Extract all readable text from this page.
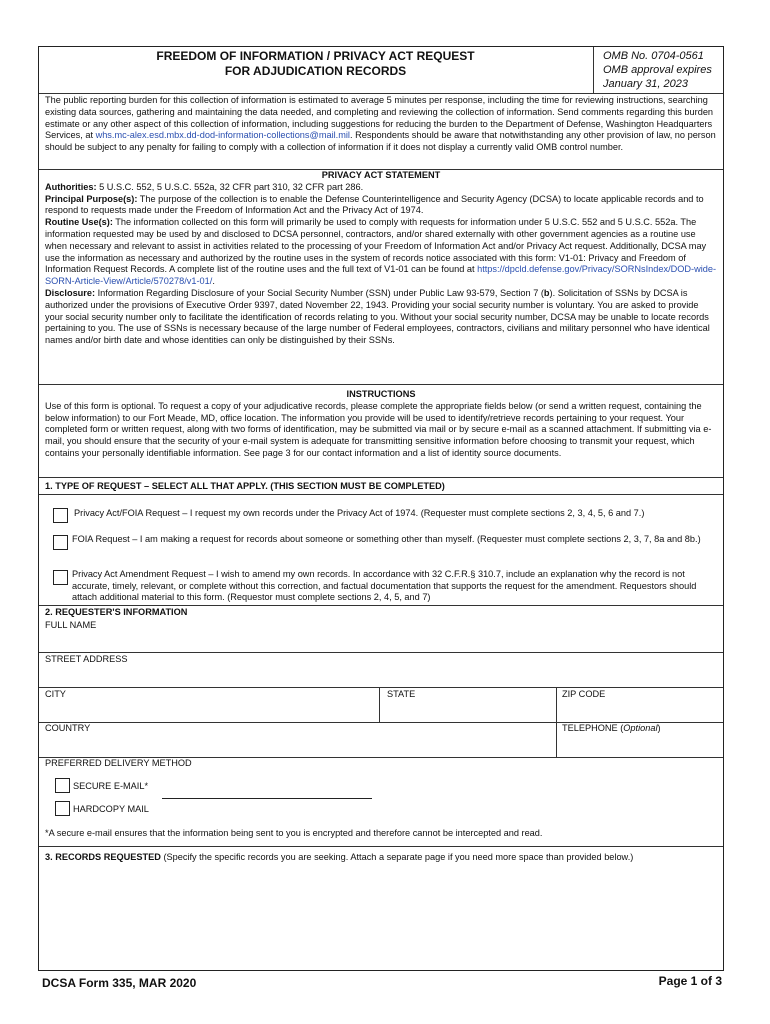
FREEDOM OF INFORMATION / PRIVACY ACT REQUEST
FOR ADJUDICATION RECORDS
OMB No. 0704-0561
OMB approval expires
January 31, 2023
The public reporting burden for this collection of information is estimated to average 5 minutes per response, including the time for reviewing instructions, searching existing data sources, gathering and maintaining the data needed, and completing and reviewing the collection of information. Send comments regarding this burden estimate or any other aspect of this collection of information, including suggestions for reducing the burden to the Department of Defense, Washington Headquarters Services, at whs.mc-alex.esd.mbx.dd-dod-information-collections@mail.mil. Respondents should be aware that notwithstanding any other provision of law, no person should be subject to any penalty for failing to comply with a collection of information if it does not display a currently valid OMB control number.
PRIVACY ACT STATEMENT
Authorities: 5 U.S.C. 552, 5 U.S.C. 552a, 32 CFR part 310, 32 CFR part 286.
Principal Purpose(s): The purpose of the collection is to enable the Defense Counterintelligence and Security Agency (DCSA) to locate applicable records and to respond to requests made under the Freedom of Information Act and the Privacy Act of 1974.
Routine Use(s): The information collected on this form will primarily be used to comply with requests for information under 5 U.S.C. 552 and 5 U.S.C. 552a. The information requested may be used by and disclosed to DCSA personnel, contractors, and/or shared externally with other government agencies as a routine use when necessary and relevant to assist in activities related to the processing of your Freedom of Information Act and/or Privacy Act request. Additionally, DCSA may use the information as necessary and authorized by the routine uses in the system of records notice associated with this form: V1-01: Privacy and Freedom of Information Request Records. A complete list of the routine uses and the full text of V1-01 can be found at https://dpcld.defense.gov/Privacy/SORNsIndex/DOD-wide-SORN-Article-View/Article/570278/v1-01/.
Disclosure: Information Regarding Disclosure of your Social Security Number (SSN) under Public Law 93-579, Section 7 (b). Solicitation of SSNs by DCSA is authorized under the provisions of Executive Order 9397, dated November 22, 1943. Providing your social security number is voluntary. You are asked to provide your social security number only to facilitate the identification of records relating to you. Without your social security number, DCSA may be unable to locate records pertaining to you. The use of SSNs is necessary because of the large number of Federal employees, contractors, civilians and military personnel who have identical names and/or birth date and whose identities can only be distinguished by their SSNs.
INSTRUCTIONS
Use of this form is optional. To request a copy of your adjudicative records, please complete the appropriate fields below (or send a written request, containing the below information) to our Fort Meade, MD, office location. The information you provide will be used to identify/retrieve records pertaining to your request. Your completed form or written request, along with two forms of identification, may be submitted via mail or by secure e-mail as a scanned attachment. If submitting via e- mail, you should ensure that the security of your e-mail system is adequate for transmitting sensitive information before choosing to transmit your request, which contains your personally identifiable information. See page 3 for our contact information and a list of identity source documents.
1. TYPE OF REQUEST – SELECT ALL THAT APPLY. (THIS SECTION MUST BE COMPLETED)
Privacy Act/FOIA Request – I request my own records under the Privacy Act of 1974. (Requester must complete sections 2, 3, 4, 5, 6 and 7.)
FOIA Request – I am making a request for records about someone or something other than myself. (Requester must complete sections 2, 3, 7, 8a and 8b.)
Privacy Act Amendment Request – I wish to amend my own records. In accordance with 32 C.F.R.§ 310.7, include an explanation why the record is not accurate, timely, relevant, or complete without this correction, and factual documentation that supports the request for the amendment. Requestors should attach additional material to this form. (Requestor must complete sections 2, 4, 5, and 7)
2. REQUESTER'S INFORMATION
FULL NAME
STREET ADDRESS
CITY	STATE	ZIP CODE
COUNTRY	TELEPHONE (Optional)
PREFERRED DELIVERY METHOD
SECURE E-MAIL*
HARDCOPY MAIL
*A secure e-mail ensures that the information being sent to you is encrypted and therefore cannot be intercepted and read.
3. RECORDS REQUESTED (Specify the specific records you are seeking. Attach a separate page if you need more space than provided below.)
DCSA Form 335, MAR 2020	Page 1 of 3
